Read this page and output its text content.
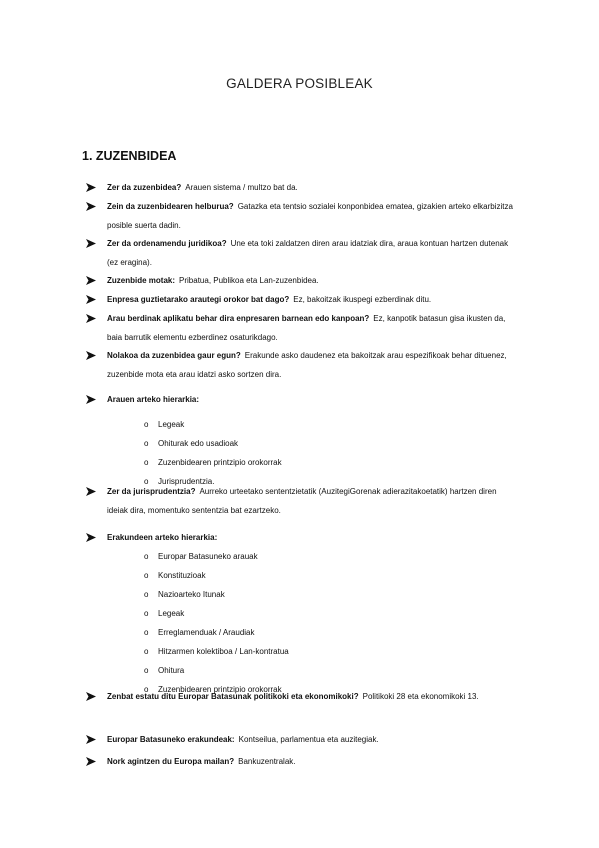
GALDERA POSIBLEAK
1. ZUZENBIDEA
Zer da zuzenbidea?  Arauen sistema / multzo bat da.
Zein da zuzenbidearen helburua?  Gatazka eta tentsio sozialei konponbidea ematea, gizakien arteko elkarbizitza posible suerta dadin.
Zer da ordenamendu juridikoa?  Une eta toki zaldatzen diren arau idatziak dira, araua kontuan hartzen dutenak (ez eragina).
Zuzenbide motak:  Pribatua, Publikoa eta Lan-zuzenbidea.
Enpresa guztietarako arautegi orokor bat dago?  Ez, bakoitzak ikuspegi ezberdinak ditu.
Arau berdinak aplikatu behar dira enpresaren barnean edo kanpoan?  Ez, kanpotik batasun gisa ikusten da, baia barrutik elementu ezberdinez osaturikdago.
Nolakoa da zuzenbidea gaur egun?  Erakunde asko daudenez eta bakoitzak arau espezifikoak behar dituenez, zuzenbide mota eta arau idatzi asko sortzen dira.
Arauen arteko hierarkia:
Zer da jurisprudentzia?  Aurreko urteetako sententzietatik (AuzitegiGorenak adierazitakoetatik) hartzen diren ideiak dira, momentuko sententzia bat ezartzeko.
Erakundeen arteko hierarkia:
Zenbat estatu ditu Europar Batasunak politikoki eta ekonomikoki?  Politikoki 28 eta ekonomikoki 13.
Europar Batasuneko erakundeak:  Kontseilua, parlamentua eta auzitegiak.
Nork agintzen du Europa mailan?  Bankuzentralak.
o Legeak
o Ohiturak edo usadioak
o Zuzenbidearen printzipio orokorrak
o Jurisprudentzia.
o Europar Batasuneko arauak
o Konstituzioak
o Nazioarteko Itunak
o Legeak
o Erreglamenduak / Araudiak
o Hitzarmen kolektiboa / Lan-kontratua
o Ohitura
o Zuzenbidearen printzipio orokorrak
